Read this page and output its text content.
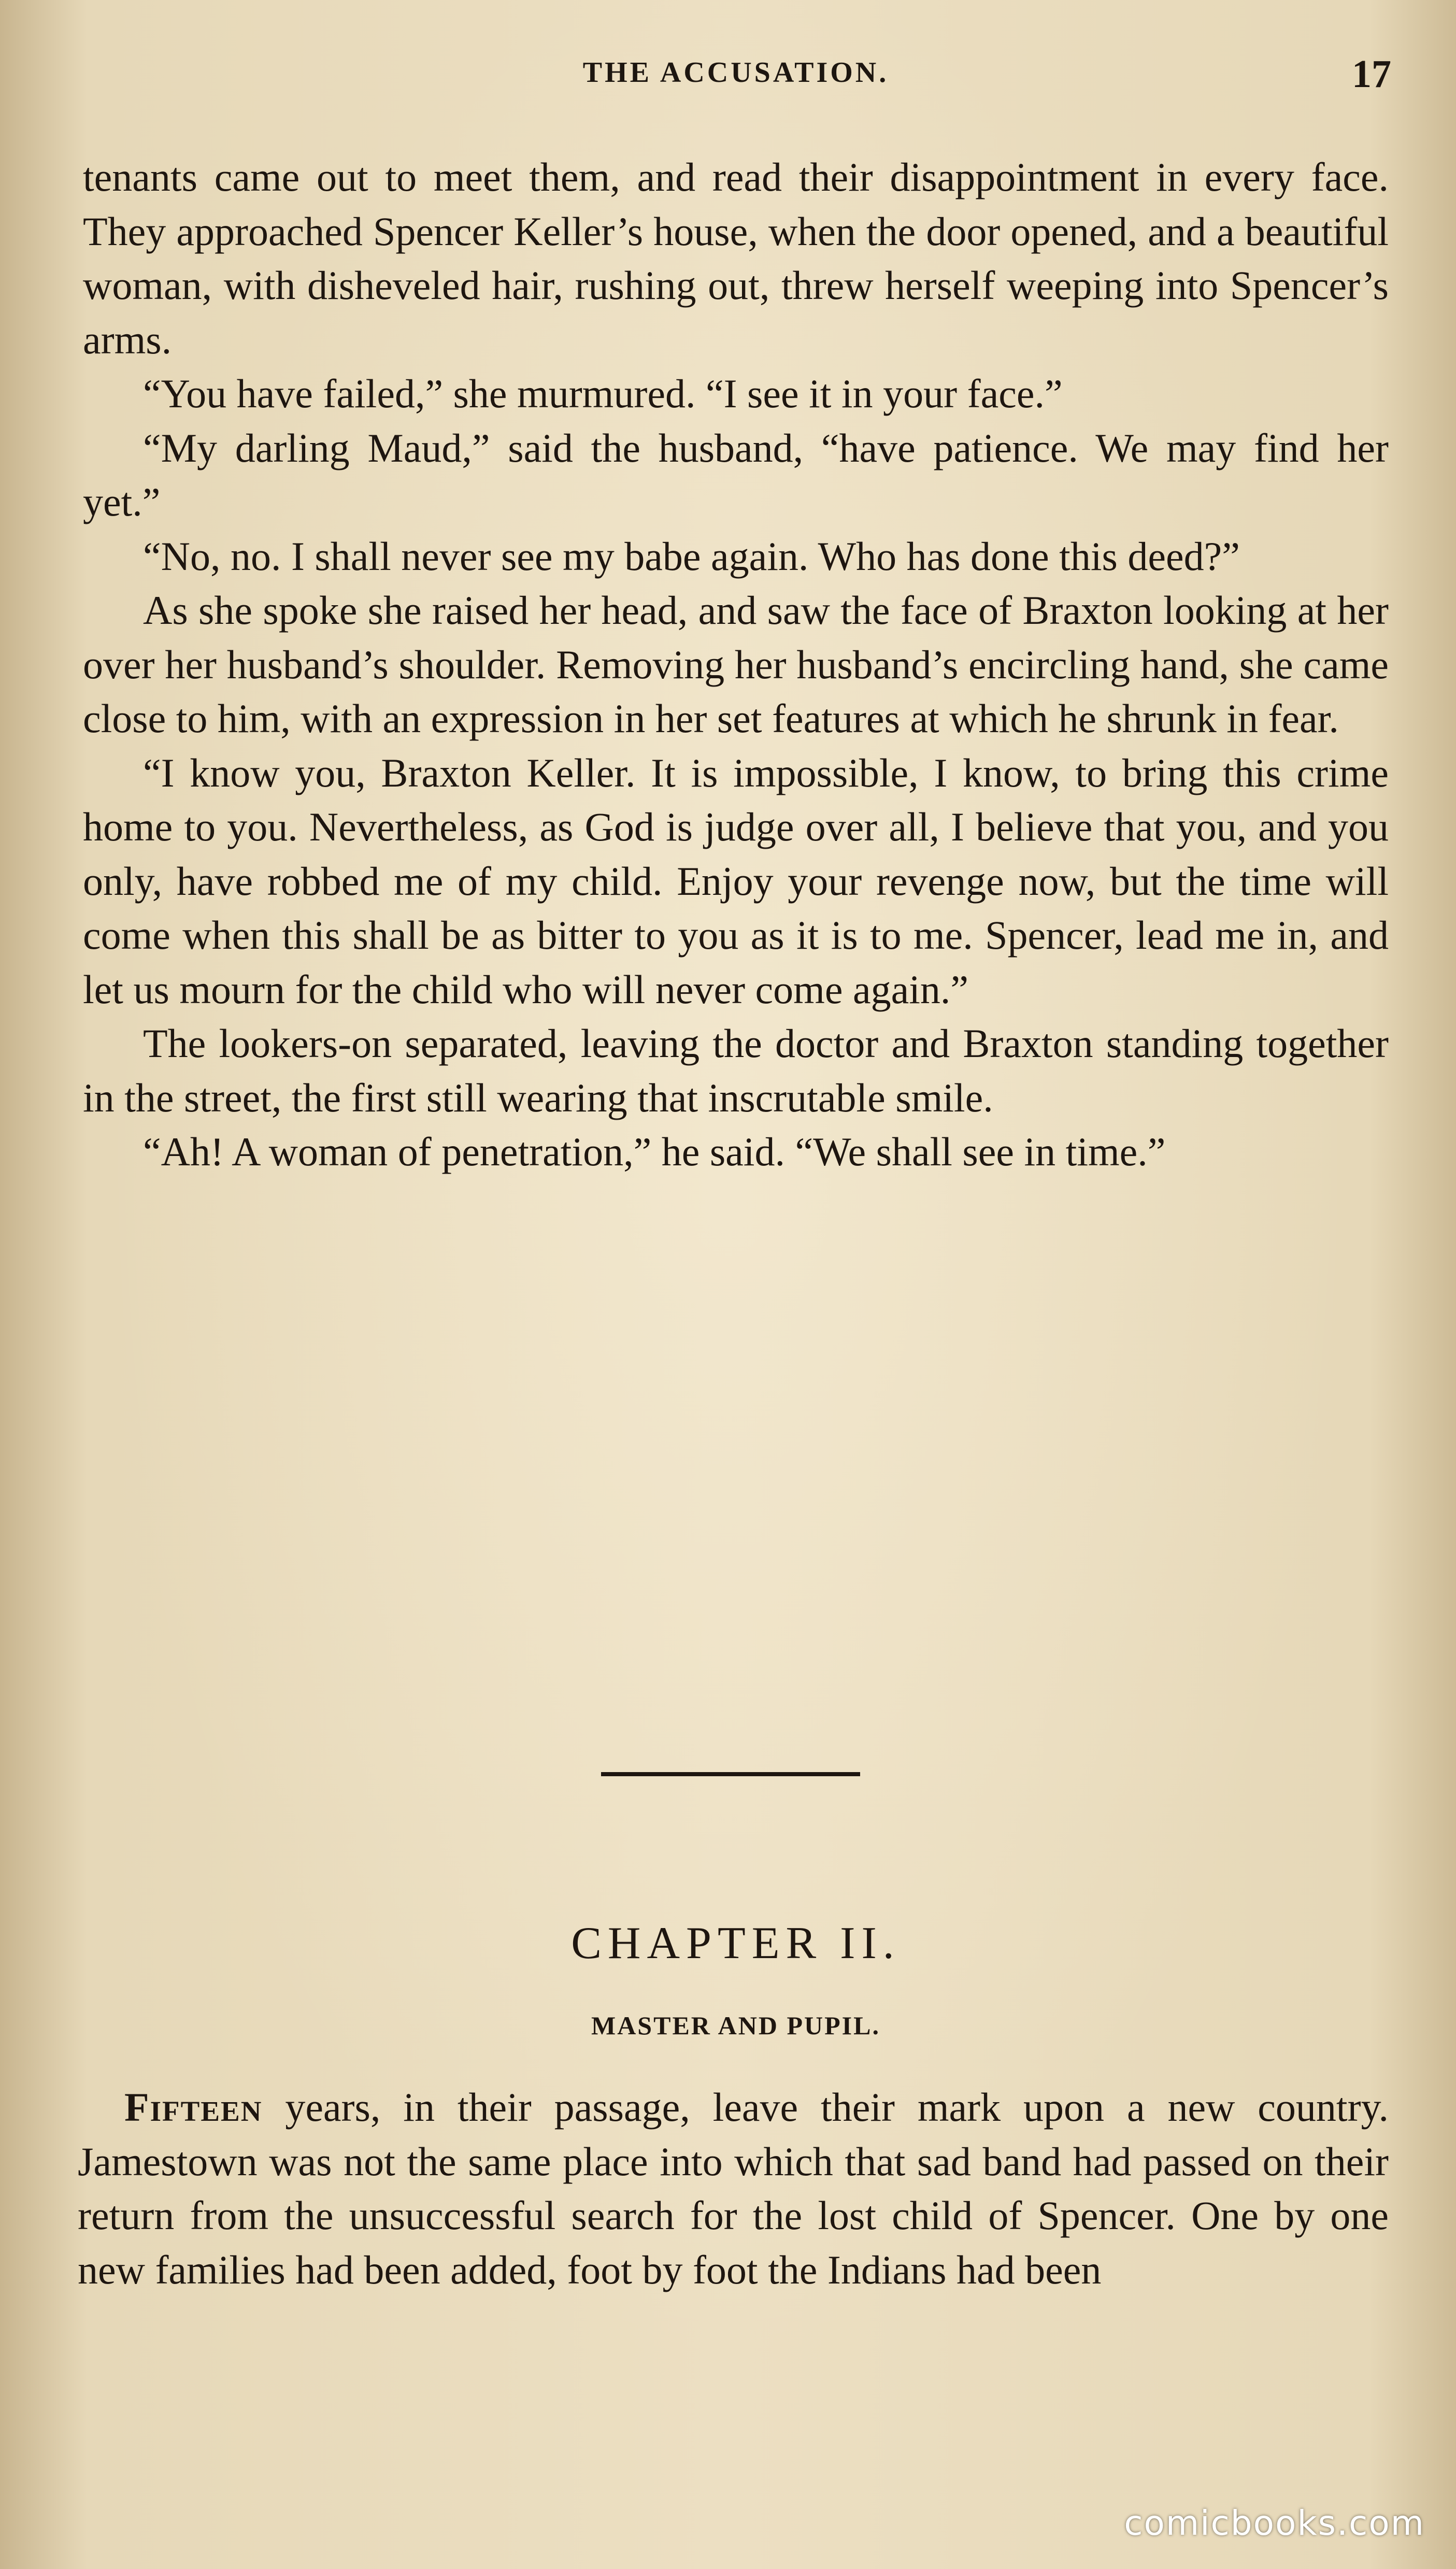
THE ACCUSATION.	17

tenants came out to meet them, and read their disappointment in every face. They approached Spencer Keller’s house, when the door opened, and a beautiful woman, with disheveled hair, rushing out, threw herself weeping into Spencer’s arms.

“You have failed,” she murmured. “I see it in your face.”

“My darling Maud,” said the husband, “have patience. We may find her yet.”

“No, no. I shall never see my babe again. Who has done this deed?”

As she spoke she raised her head, and saw the face of Braxton looking at her over her husband’s shoulder. Removing her husband’s encircling hand, she came close to him, with an expression in her set features at which he shrunk in fear.

“I know you, Braxton Keller. It is impossible, I know, to bring this crime home to you. Nevertheless, as God is judge over all, I believe that you, and you only, have robbed me of my child. Enjoy your revenge now, but the time will come when this shall be as bitter to you as it is to me. Spencer, lead me in, and let us mourn for the child who will never come again.”

The lookers-on separated, leaving the doctor and Braxton standing together in the street, the first still wearing that inscrutable smile.

“Ah! A woman of penetration,” he said. “We shall see in time.”

CHAPTER II.
MASTER AND PUPIL.

Fifteen years, in their passage, leave their mark upon a new country. Jamestown was not the same place into which that sad band had passed on their return from the unsuccessful search for the lost child of Spencer. One by one new families had been added, foot by foot the Indians had been

comicbooks.com
